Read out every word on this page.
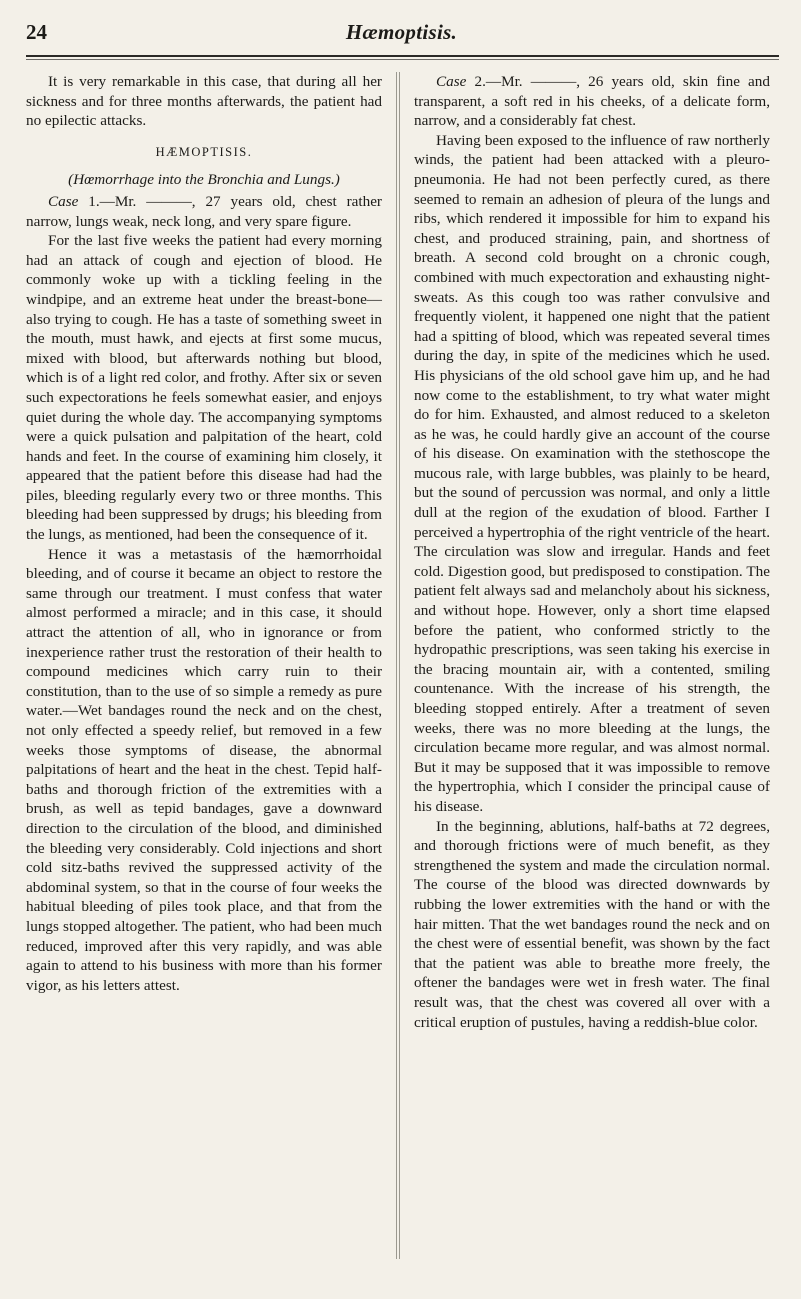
24	Hæmoptisis.

It is very remarkable in this case, that during all her sickness and for three months afterwards, the patient had no epilectic attacks.

HÆMOPTISIS.
(Hœmorrhage into the Bronchia and Lungs.)

Case 1.—Mr. ———, 27 years old, chest rather narrow, lungs weak, neck long, and very spare figure.

For the last five weeks the patient had every morning had an attack of cough and ejection of blood. He commonly woke up with a tickling feeling in the windpipe, and an extreme heat under the breast-bone—also trying to cough. He has a taste of something sweet in the mouth, must hawk, and ejects at first some mucus, mixed with blood, but afterwards nothing but blood, which is of a light red color, and frothy. After six or seven such expectorations he feels somewhat easier, and enjoys quiet during the whole day. The accompanying symptoms were a quick pulsation and palpitation of the heart, cold hands and feet. In the course of examining him closely, it appeared that the patient before this disease had had the piles, bleeding regularly every two or three months. This bleeding had been suppressed by drugs; his bleeding from the lungs, as mentioned, had been the consequence of it.

Hence it was a metastasis of the hæmorrhoidal bleeding, and of course it became an object to restore the same through our treatment. I must confess that water almost performed a miracle; and in this case, it should attract the attention of all, who in ignorance or from inexperience rather trust the restoration of their health to compound medicines which carry ruin to their constitution, than to the use of so simple a remedy as pure water.—Wet bandages round the neck and on the chest, not only effected a speedy relief, but removed in a few weeks those symptoms of disease, the abnormal palpitations of heart and the heat in the chest. Tepid half-baths and thorough friction of the extremities with a brush, as well as tepid bandages, gave a downward direction to the circulation of the blood, and diminished the bleeding very considerably. Cold injections and short cold sitz-baths revived the suppressed activity of the abdominal system, so that in the course of four weeks the habitual bleeding of piles took place, and that from the lungs stopped altogether. The patient, who had been much reduced, improved after this very rapidly, and was able again to attend to his business with more than his former vigor, as his letters attest.

Case 2.—Mr. ———, 26 years old, skin fine and transparent, a soft red in his cheeks, of a delicate form, narrow, and a considerably fat chest.

Having been exposed to the influence of raw northerly winds, the patient had been attacked with a pleuro-pneumonia. He had not been perfectly cured, as there seemed to remain an adhesion of pleura of the lungs and ribs, which rendered it impossible for him to expand his chest, and produced straining, pain, and shortness of breath. A second cold brought on a chronic cough, combined with much expectoration and exhausting night-sweats. As this cough too was rather convulsive and frequently violent, it happened one night that the patient had a spitting of blood, which was repeated several times during the day, in spite of the medicines which he used. His physicians of the old school gave him up, and he had now come to the establishment, to try what water might do for him. Exhausted, and almost reduced to a skeleton as he was, he could hardly give an account of the course of his disease. On examination with the stethoscope the mucous rale, with large bubbles, was plainly to be heard, but the sound of percussion was normal, and only a little dull at the region of the exudation of blood. Farther I perceived a hypertrophia of the right ventricle of the heart. The circulation was slow and irregular. Hands and feet cold. Digestion good, but predisposed to constipation. The patient felt always sad and melancholy about his sickness, and without hope. However, only a short time elapsed before the patient, who conformed strictly to the hydropathic prescriptions, was seen taking his exercise in the bracing mountain air, with a contented, smiling countenance. With the increase of his strength, the bleeding stopped entirely. After a treatment of seven weeks, there was no more bleeding at the lungs, the circulation became more regular, and was almost normal. But it may be supposed that it was impossible to remove the hypertrophia, which I consider the principal cause of his disease.

In the beginning, ablutions, half-baths at 72 degrees, and thorough frictions were of much benefit, as they strengthened the system and made the circulation normal. The course of the blood was directed downwards by rubbing the lower extremities with the hand or with the hair mitten. That the wet bandages round the neck and on the chest were of essential benefit, was shown by the fact that the patient was able to breathe more freely, the oftener the bandages were wet in fresh water. The final result was, that the chest was covered all over with a critical eruption of pustules, having a reddish-blue color.
